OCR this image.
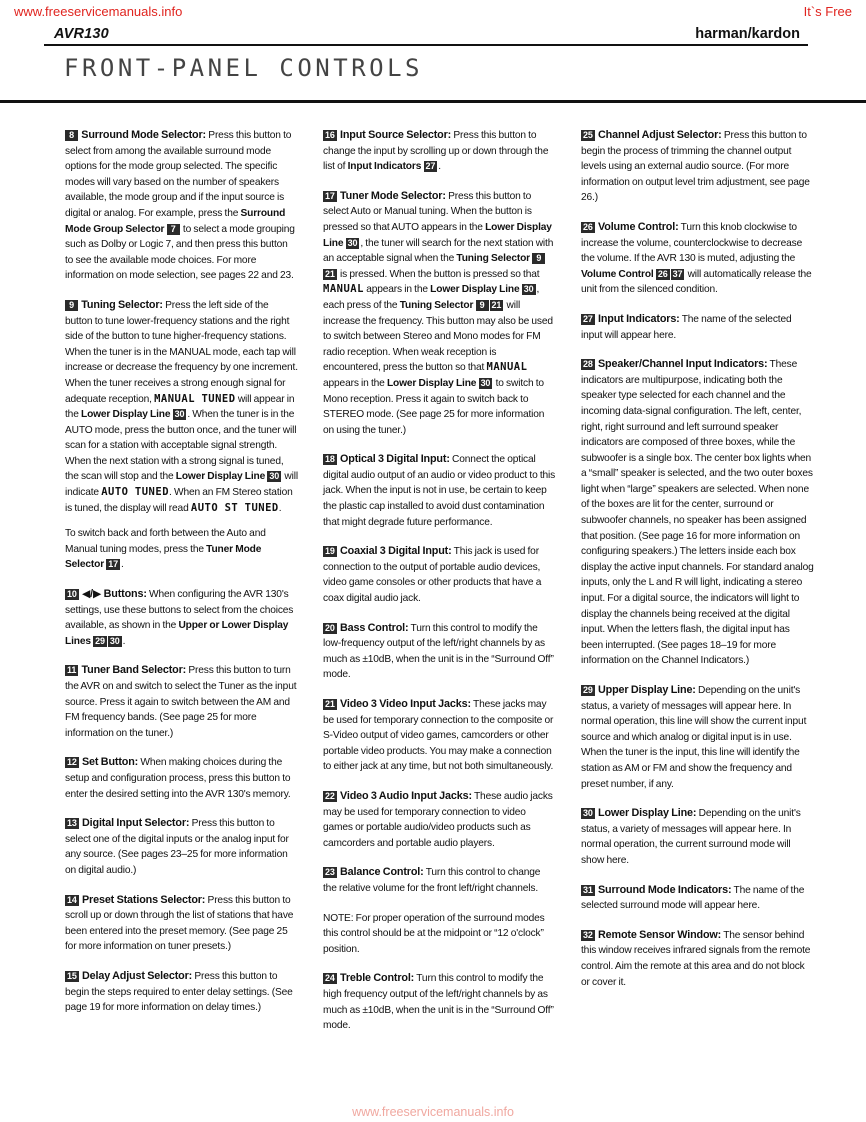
www.freeservicemanuals.info	It`s Free
AVR130	harman/kardon
FRONT-PANEL CONTROLS

8 Surround Mode Selector: Press this button to select from among the available surround mode options for the mode group selected. The specific modes will vary based on the number of speakers available, the mode group and if the input source is digital or analog. For example, press the Surround Mode Group Selector 7 to select a mode grouping such as Dolby or Logic 7, and then press this button to see the available mode choices. For more information on mode selection, see pages 22 and 23.

9 Tuning Selector: Press the left side of the button to tune lower-frequency stations and the right side of the button to tune higher-frequency stations. When the tuner is in the MANUAL mode, each tap will increase or decrease the frequency by one increment. When the tuner receives a strong enough signal for adequate reception, MANUAL TUNED will appear in the Lower Display Line 30 . When the tuner is in the AUTO mode, press the button once, and the tuner will scan for a station with acceptable signal strength. When the next station with a strong signal is tuned, the scan will stop and the Lower Display Line 30 will indicate AUTO TUNED. When an FM Stereo station is tuned, the display will read AUTO ST TUNED.

To switch back and forth between the Auto and Manual tuning modes, press the Tuner Mode Selector 17 .

10 ◀/▶ Buttons: When configuring the AVR 130's settings, use these buttons to select from the choices available, as shown in the Upper or Lower Display Lines 29 30 .

11 Tuner Band Selector: Press this button to turn the AVR on and switch to select the Tuner as the input source. Press it again to switch between the AM and FM frequency bands. (See page 25 for more information on the tuner.)

12 Set Button: When making choices during the setup and configuration process, press this button to enter the desired setting into the AVR 130's memory.

13 Digital Input Selector: Press this button to select one of the digital inputs or the analog input for any source. (See pages 23–25 for more information on digital audio.)

14 Preset Stations Selector: Press this button to scroll up or down through the list of stations that have been entered into the preset memory. (See page 25 for more information on tuner presets.)

15 Delay Adjust Selector: Press this button to begin the steps required to enter delay settings. (See page 19 for more information on delay times.)

16 Input Source Selector: Press this button to change the input by scrolling up or down through the list of Input Indicators 27 .

17 Tuner Mode Selector: Press this button to select Auto or Manual tuning. When the button is pressed so that AUTO appears in the Lower Display Line 30 , the tuner will search for the next station with an acceptable signal when the Tuning Selector 921 is pressed. When the button is pressed so that MANUAL appears in the Lower Display Line 30 , each press of the Tuning Selector 9 21 will increase the frequency. This button may also be used to switch between Stereo and Mono modes for FM radio reception. When weak reception is encountered, press the button so that MANUAL appears in the Lower Display Line 30 to switch to Mono reception. Press it again to switch back to STEREO mode. (See page 25 for more information on using the tuner.)

18 Optical 3 Digital Input: Connect the optical digital audio output of an audio or video product to this jack. When the input is not in use, be certain to keep the plastic cap installed to avoid dust contamination that might degrade future performance.

19 Coaxial 3 Digital Input: This jack is used for connection to the output of portable audio devices, video game consoles or other products that have a coax digital audio jack.

20 Bass Control: Turn this control to modify the low-frequency output of the left/right channels by as much as ±10dB, when the unit is in the “Surround Off” mode.

21 Video 3 Video Input Jacks: These jacks may be used for temporary connection to the composite or S-Video output of video games, camcorders or other portable video products. You may make a connection to either jack at any time, but not both simultaneously.

22 Video 3 Audio Input Jacks: These audio jacks may be used for temporary connection to video games or portable audio/video products such as camcorders and portable audio players.

23 Balance Control: Turn this control to change the relative volume for the front left/right channels.

NOTE: For proper operation of the surround modes this control should be at the midpoint or “12 o'clock” position.

24 Treble Control: Turn this control to modify the high frequency output of the left/right channels by as much as ±10dB, when the unit is in the “Surround Off” mode.

25 Channel Adjust Selector: Press this button to begin the process of trimming the channel output levels using an external audio source. (For more information on output level trim adjustment, see page 26.)

26 Volume Control: Turn this knob clockwise to increase the volume, counterclockwise to decrease the volume. If the AVR 130 is muted, adjusting the Volume Control 26 37 will automatically release the unit from the silenced condition.

27 Input Indicators: The name of the selected input will appear here.

28 Speaker/Channel Input Indicators: These indicators are multipurpose, indicating both the speaker type selected for each channel and the incoming data-signal configuration. The left, center, right, right surround and left surround speaker indicators are composed of three boxes, while the subwoofer is a single box. The center box lights when a “small” speaker is selected, and the two outer boxes light when “large” speakers are selected. When none of the boxes are lit for the center, surround or subwoofer channels, no speaker has been assigned that position. (See page 16 for more information on configuring speakers.) The letters inside each box display the active input channels. For standard analog inputs, only the L and R will light, indicating a stereo input. For a digital source, the indicators will light to display the channels being received at the digital input. When the letters flash, the digital input has been interrupted. (See pages 18–19 for more information on the Channel Indicators.)

29 Upper Display Line: Depending on the unit's status, a variety of messages will appear here. In normal operation, this line will show the current input source and which analog or digital input is in use. When the tuner is the input, this line will identify the station as AM or FM and show the frequency and preset number, if any.

30 Lower Display Line: Depending on the unit's status, a variety of messages will appear here. In normal operation, the current surround mode will show here.

31 Surround Mode Indicators: The name of the selected surround mode will appear here.

32 Remote Sensor Window: The sensor behind this window receives infrared signals from the remote control. Aim the remote at this area and do not block or cover it.

www.freeservicemanuals.info
